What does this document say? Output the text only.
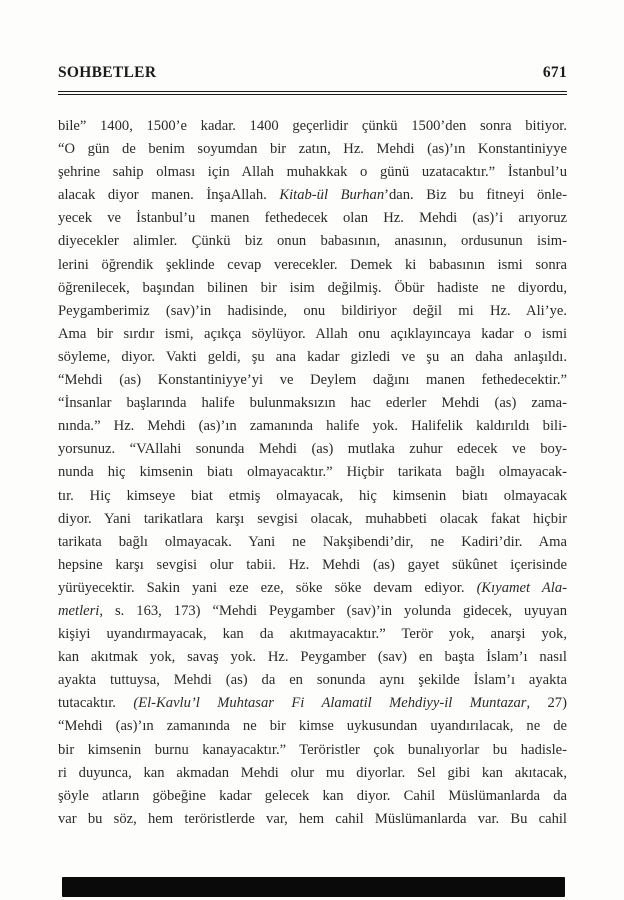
SOHBETLER	671
bile” 1400, 1500’e kadar. 1400 geçerlidir çünkü 1500’den sonra bitiyor.
“O gün de benim soyumdan bir zatın, Hz. Mehdi (as)’ın Konstantiniyye
şehrine sahip olması için Allah muhakkak o günü uzatacaktır.” İstanbul’u
alacak diyor manen. İnşaAllah. Kitab-ül Burhan’dan. Biz bu fitneyi önle-
yecek ve İstanbul’u manen fethedecek olan Hz. Mehdi (as)’i arıyoruz
diyecekler alimler. Çünkü biz onun babasının, anasının, ordusunun isim-
lerini öğrendik şeklinde cevap verecekler. Demek ki babasının ismi sonra
öğrenilecek, başından bilinen bir isim değilmiş. Öbür hadiste ne diyordu,
Peygamberimiz (sav)’in hadisinde, onu bildiriyor değil mi Hz. Ali’ye.
Ama bir sırdır ismi, açıkça söylüyor. Allah onu açıklayıncaya kadar o ismi
söyleme, diyor. Vakti geldi, şu ana kadar gizledi ve şu an daha anlaşıldı.
“Mehdi (as) Konstantiniyye’yi ve Deylem dağını manen fethedecektir.”
“İnsanlar başlarında halife bulunmaksızın hac ederler Mehdi (as) zama-
nında.” Hz. Mehdi (as)’ın zamanında halife yok. Halifelik kaldırıldı bili-
yorsunuz. “VAllahi sonunda Mehdi (as) mutlaka zuhur edecek ve boy-
nunda hiç kimsenin biatı olmayacaktır.” Hiçbir tarikata bağlı olmayacak-
tır. Hiç kimseye biat etmiş olmayacak, hiç kimsenin biatı olmayacak
diyor. Yani tarikatlara karşı sevgisi olacak, muhabbeti olacak fakat hiçbir
tarikata bağlı olmayacak. Yani ne Nakşibendi’dir, ne Kadiri’dir. Ama
hepsine karşı sevgisi olur tabii. Hz. Mehdi (as) gayet sükûnet içerisinde
yürüyecektir. Sakin yani eze eze, söke söke devam ediyor. (Kıyamet Ala-
metleri, s. 163, 173) “Mehdi Peygamber (sav)’in yolunda gidecek, uyuyan
kişiyi uyandırmayacak, kan da akıtmayacaktır.” Terör yok, anarşi yok,
kan akıtmak yok, savaş yok. Hz. Peygamber (sav) en başta İslam’ı nasıl
ayakta tuttuysa, Mehdi (as) da en sonunda aynı şekilde İslam’ı ayakta
tutacaktır. (El-Kavlu’l Muhtasar Fi Alamatil Mehdiyy-il Muntazar, 27)
“Mehdi (as)’ın zamanında ne bir kimse uykusundan uyandırılacak, ne de
bir kimsenin burnu kanayacaktır.” Teröristler çok bunalıyorlar bu hadisle-
ri duyunca, kan akmadan Mehdi olur mu diyorlar. Sel gibi kan akıtacak,
şöyle atların göbeğine kadar gelecek kan diyor. Cahil Müslümanlarda da
var bu söz, hem teröristlerde var, hem cahil Müslümanlarda var. Bu cahil
